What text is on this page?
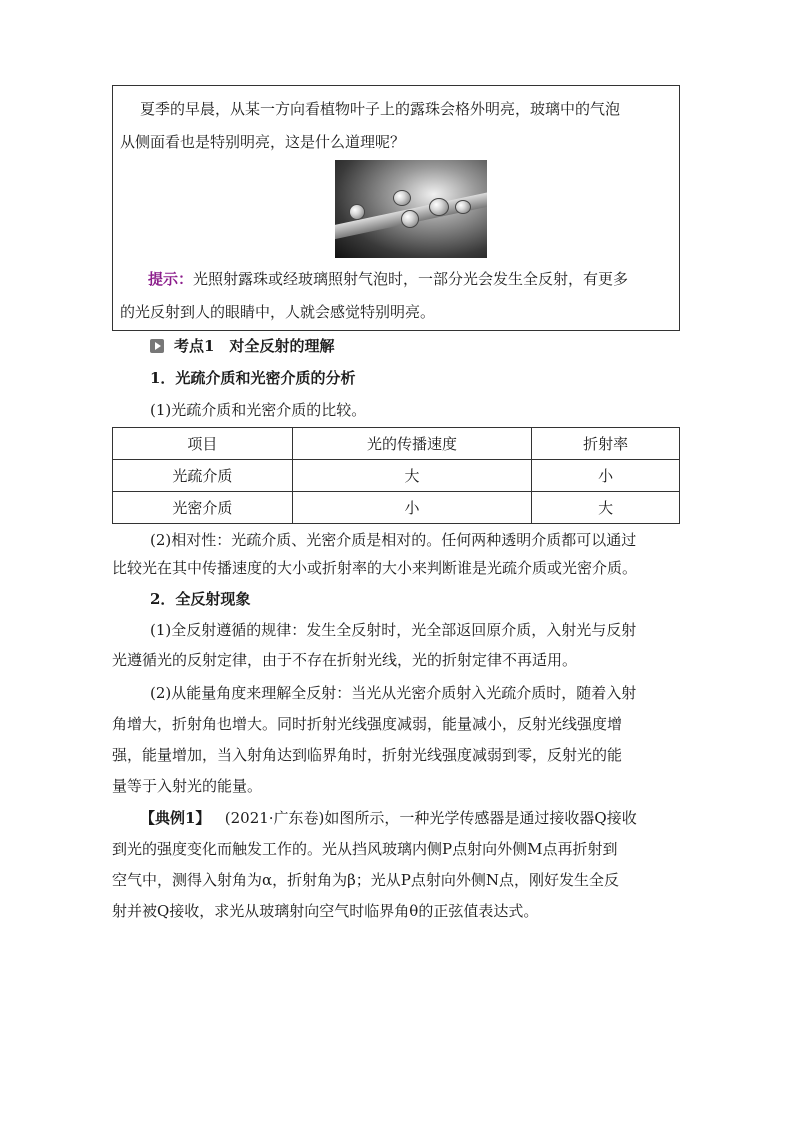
夏季的早晨，从某一方向看植物叶子上的露珠会格外明亮，玻璃中的气泡
从侧面看也是特别明亮，这是什么道理呢？
提示：光照射露珠或经玻璃照射气泡时，一部分光会发生全反射，有更多
的光反射到人的眼睛中，人就会感觉特别明亮。
考点1　对全反射的理解
1．光疏介质和光密介质的分析
(1)光疏介质和光密介质的比较。
项目	光的传播速度	折射率
光疏介质	大	小
光密介质	小	大
(2)相对性：光疏介质、光密介质是相对的。任何两种透明介质都可以通过
比较光在其中传播速度的大小或折射率的大小来判断谁是光疏介质或光密介质。
2．全反射现象
(1)全反射遵循的规律：发生全反射时，光全部返回原介质，入射光与反射
光遵循光的反射定律，由于不存在折射光线，光的折射定律不再适用。
(2)从能量角度来理解全反射：当光从光密介质射入光疏介质时，随着入射
角增大，折射角也增大。同时折射光线强度减弱，能量减小，反射光线强度增
强，能量增加，当入射角达到临界角时，折射光线强度减弱到零，反射光的能
量等于入射光的能量。
【典例1】 (2021·广东卷)如图所示，一种光学传感器是通过接收器Q接收
到光的强度变化而触发工作的。光从挡风玻璃内侧P点射向外侧M点再折射到
空气中，测得入射角为α，折射角为β；光从P点射向外侧N点，刚好发生全反
射并被Q接收，求光从玻璃射向空气时临界角θ的正弦值表达式。
